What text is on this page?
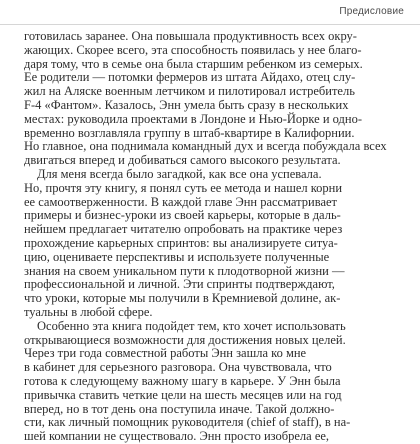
Предисловие
готовилась заранее. Она повышала продуктивность всех окру-
жающих. Скорее всего, эта способность появилась у нее благо-
даря тому, что в семье она была старшим ребенком из семерых.
Ее родители — потомки фермеров из штата Айдахо, отец слу-
жил на Аляске военным летчиком и пилотировал истребитель
F-4 «Фантом». Казалось, Энн умела быть сразу в нескольких
местах: руководила проектами в Лондоне и Нью-Йорке и одно-
временно возглавляла группу в штаб-квартире в Калифорнии.
Но главное, она поднимала командный дух и всегда побуждала всех
двигаться вперед и добиваться самого высокого результата.
Для меня всегда было загадкой, как все она успевала.
Но, прочтя эту книгу, я понял суть ее метода и нашел корни
ее самоотверженности. В каждой главе Энн рассматривает
примеры и бизнес-уроки из своей карьеры, которые в даль-
нейшем предлагает читателю опробовать на практике через
прохождение карьерных спринтов: вы анализируете ситуа-
цию, оцениваете перспективы и используете полученные
знания на своем уникальном пути к плодотворной жизни —
профессиональной и личной. Эти спринты подтверждают,
что уроки, которые мы получили в Кремниевой долине, ак-
туальны в любой сфере.
Особенно эта книга подойдет тем, кто хочет использовать
открывающиеся возможности для достижения новых целей.
Через три года совместной работы Энн зашла ко мне
в кабинет для серьезного разговора. Она чувствовала, что
готова к следующему важному шагу в карьере. У Энн была
привычка ставить четкие цели на шесть месяцев или на год
вперед, но в тот день она поступила иначе. Такой должно-
сти, как личный помощник руководителя (chief of staff), в на-
шей компании не существовало. Энн просто изобрела ее,
